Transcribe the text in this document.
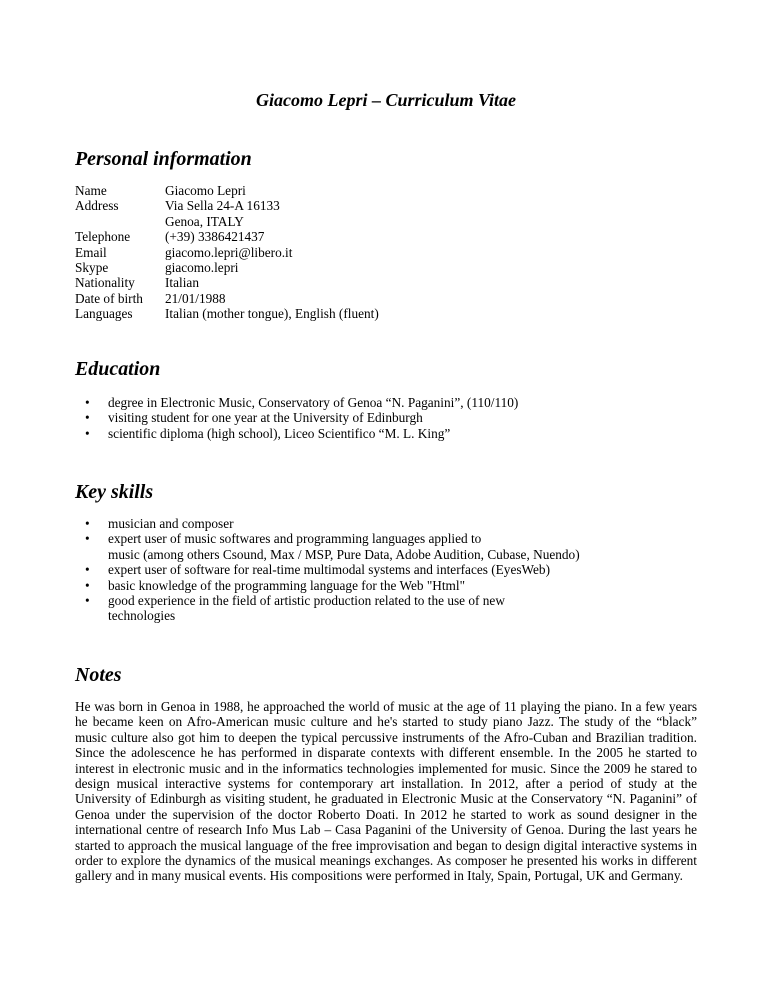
Giacomo Lepri – Curriculum Vitae
Personal information
Name	Giacomo Lepri
Address	Via Sella 24-A 16133
	Genoa, ITALY
Telephone	(+39) 3386421437
Email	giacomo.lepri@libero.it
Skype	giacomo.lepri
Nationality	Italian
Date of birth	21/01/1988
Languages	Italian (mother tongue), English (fluent)
Education
• degree in Electronic Music, Conservatory of Genoa “N. Paganini”, (110/110)
• visiting student for one year at the University of Edinburgh
• scientific diploma (high school), Liceo Scientifico “M. L. King”
Key skills
• musician and composer
• expert user of music softwares and programming languages applied to
music (among others Csound, Max / MSP, Pure Data, Adobe Audition, Cubase, Nuendo)
• expert user of software for real-time multimodal systems and interfaces (EyesWeb)
• basic knowledge of the programming language for the Web "Html"
• good experience in the field of artistic production related to the use of new
technologies
Notes

He was born in Genoa in 1988, he approached the world of music at the age of 11 playing the piano. In a few years he became keen on Afro-American music culture and he's started to study piano Jazz. The study of the “black” music culture also got him to deepen the typical percussive instruments of the Afro-Cuban and Brazilian tradition. Since the adolescence he has performed in disparate contexts with different ensemble. In the 2005 he started to interest in electronic music and in the informatics technologies implemented for music. Since the 2009 he stared to design musical interactive systems for contemporary art installation. In 2012, after a period of study at the University of Edinburgh as visiting student, he graduated in Electronic Music at the Conservatory “N. Paganini” of Genoa under the supervision of the doctor Roberto Doati. In 2012 he started to work as sound designer in the international centre of research Info Mus Lab – Casa Paganini of the University of Genoa. During the last years he started to approach the musical language of the free improvisation and began to design digital interactive systems in order to explore the dynamics of the musical meanings exchanges. As composer he presented his works in different gallery and in many musical events. His compositions were performed in Italy, Spain, Portugal, UK and Germany.
